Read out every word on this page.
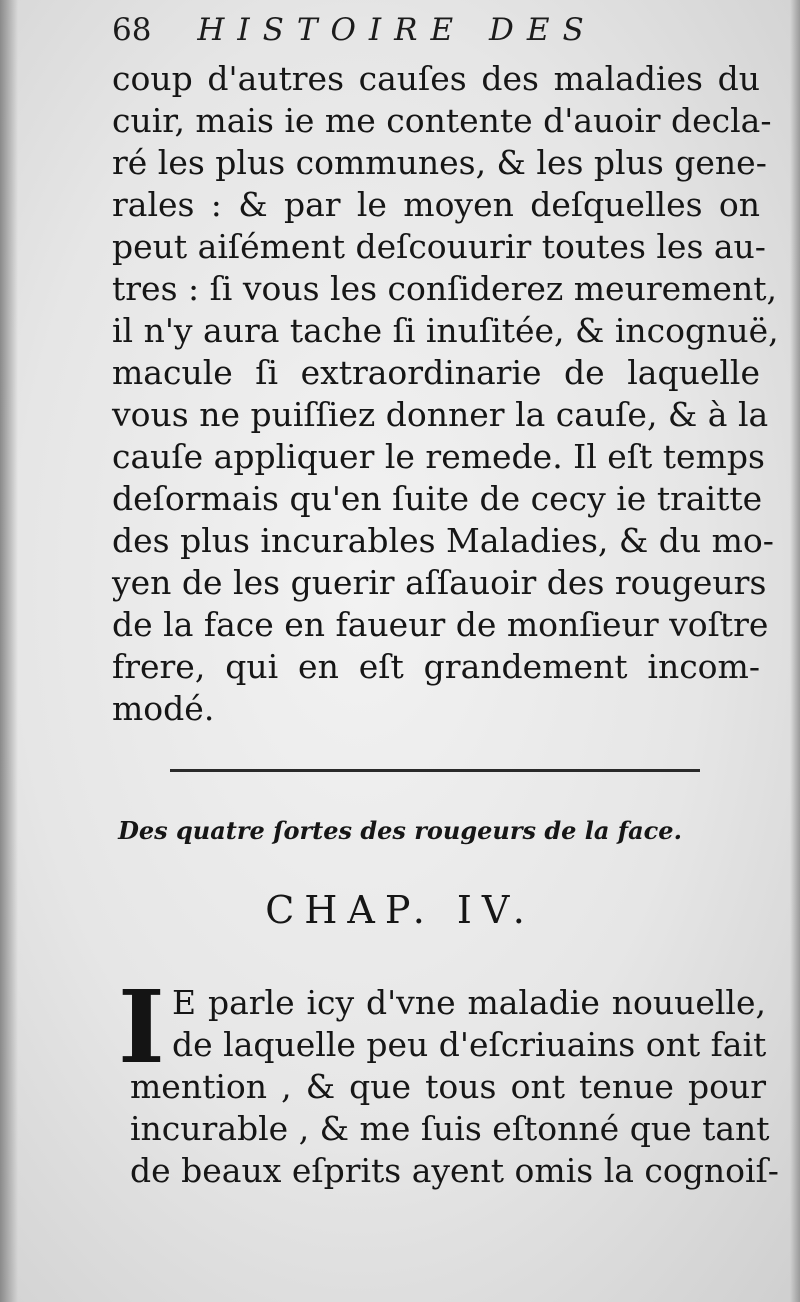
68 HISTOIRE DES
coup d'autres cauſes des maladies du
cuir, mais ie me contente d'auoir decla-
ré les plus communes, & les plus gene-
rales : & par le moyen deſquelles on
peut aiſément deſcouurir toutes les au-
tres : ſi vous les conſiderez meurement,
il n'y aura tache ſi inuſitée, & incognuë,
macule ſi extraordinarie de laquelle
vous ne puiſſiez donner la cauſe, & à la
cauſe appliquer le remede. Il eſt temps
deſormais qu'en ſuite de cecy ie traitte
des plus incurables Maladies, & du mo-
yen de les guerir aſſauoir des rougeurs
de la face en faueur de monſieur voſtre
frere, qui en eſt grandement incom-
modé.
Des quatre ſortes des rougeurs de la face.
CHAP. IV.
I E parle icy d'vne maladie nouuelle,
de laquelle peu d'eſcriuains ont fait
mention , & que tous ont tenue pour
incurable , & me ſuis eſtonné que tant
de beaux eſprits ayent omis la cognoiſ-
